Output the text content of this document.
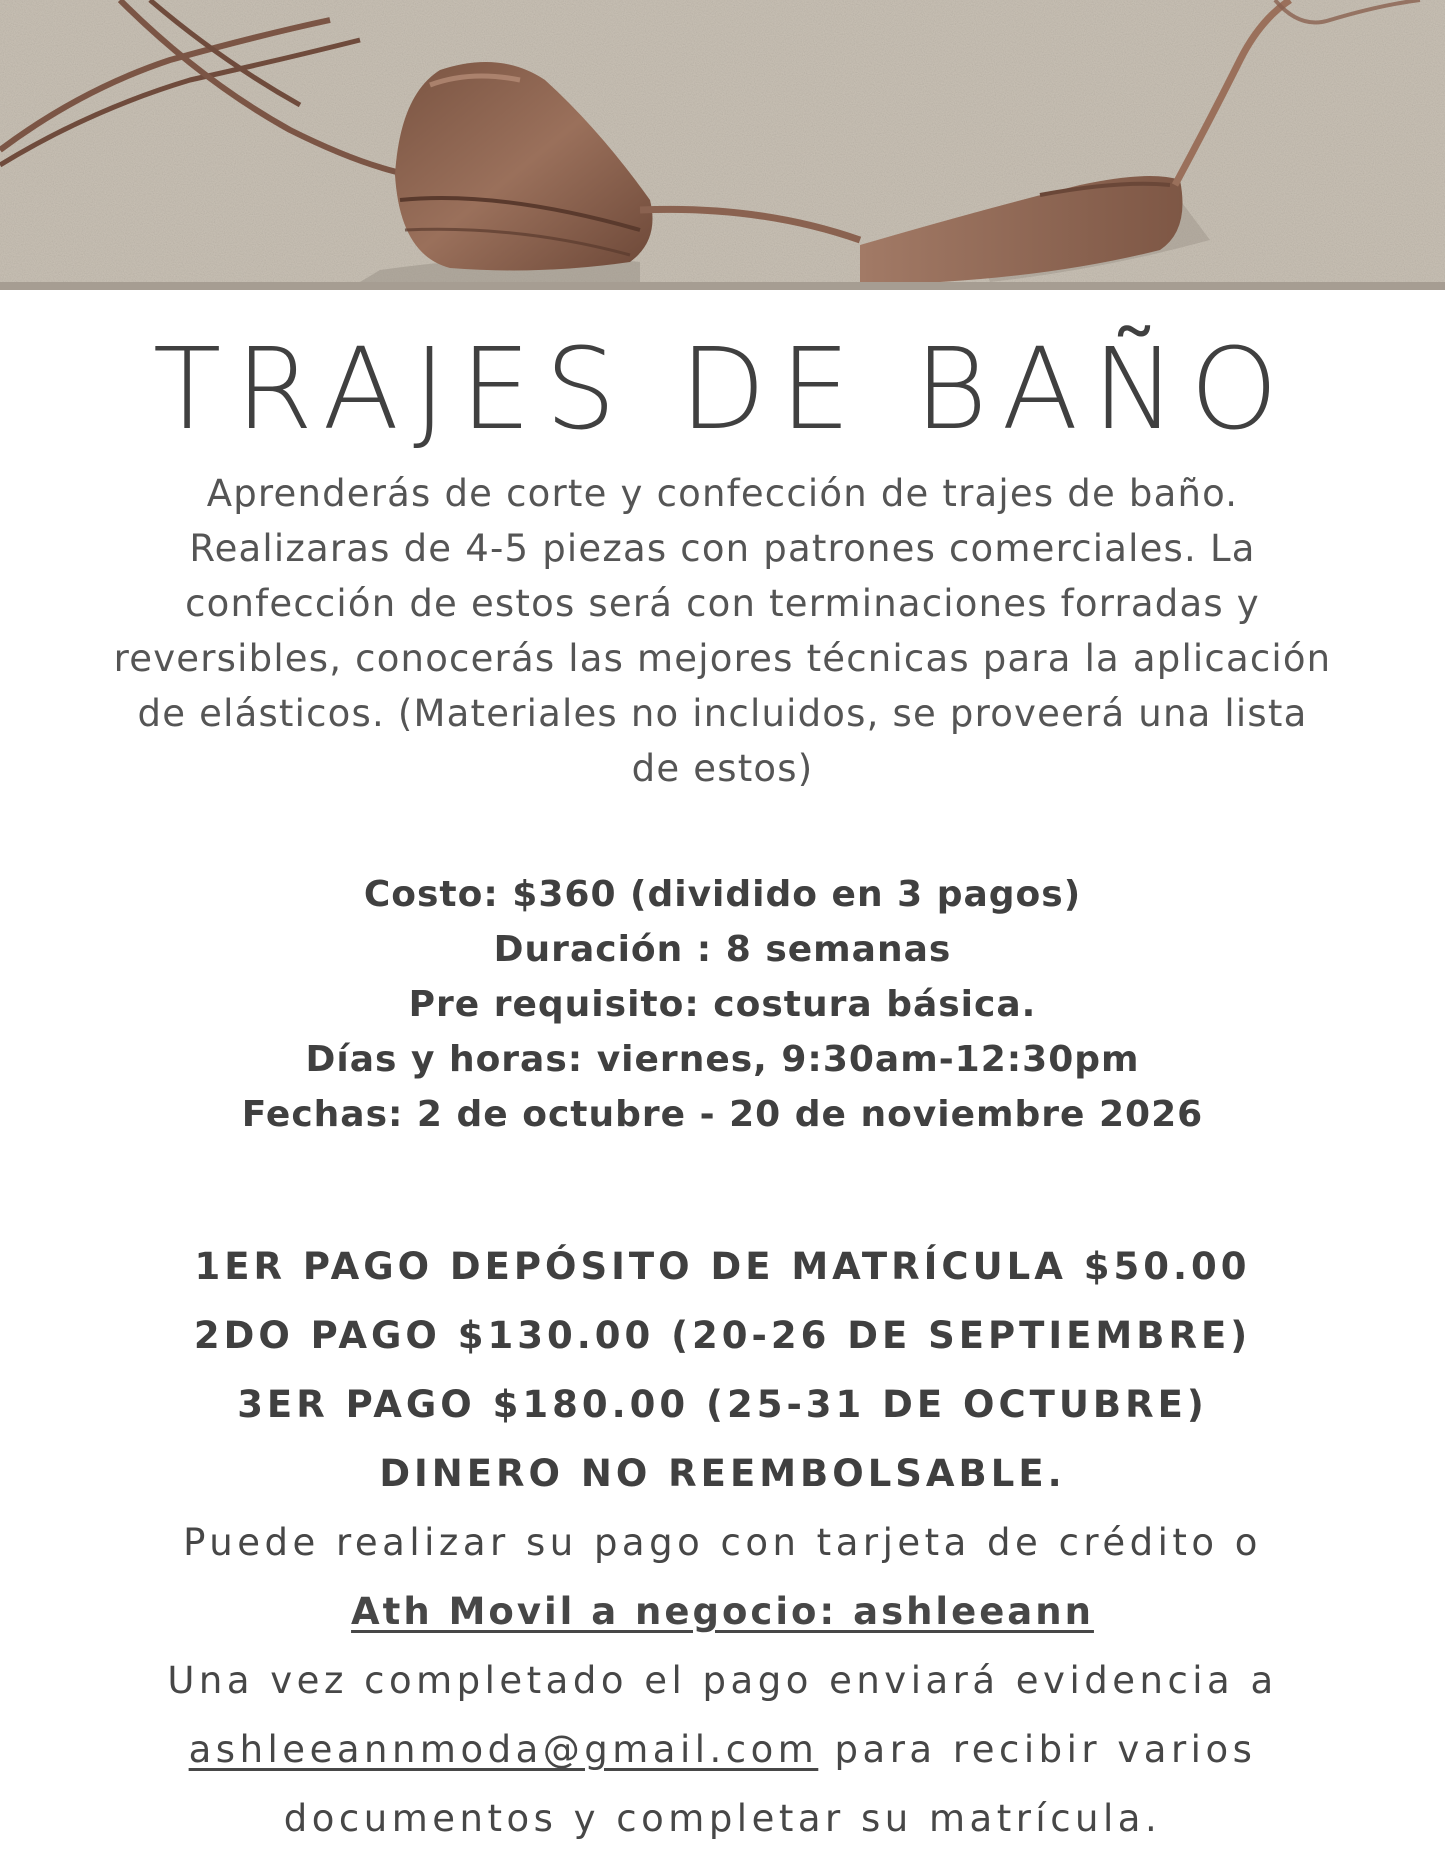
TRAJES DE BAÑO

Aprenderás de corte y confección de trajes de baño. Realizaras de 4-5 piezas con patrones comerciales. La confección de estos será con terminaciones forradas y reversibles, conocerás las mejores técnicas para la aplicación de elásticos. (Materiales no incluidos, se proveerá una lista de estos)

Costo: $360 (dividido en 3 pagos)
Duración : 8 semanas
Pre requisito: costura básica.
Días y horas: viernes, 9:30am-12:30pm
Fechas: 2 de octubre - 20 de noviembre 2026
1ER PAGO DEPÓSITO DE MATRÍCULA $50.00
2DO PAGO $130.00 (20-26 DE SEPTIEMBRE)
3ER PAGO $180.00 (25-31 DE OCTUBRE)
DINERO NO REEMBOLSABLE.
Puede realizar su pago con tarjeta de crédito o
Ath Movil a negocio: ashleeann
Una vez completado el pago enviará evidencia a
ashleeannmoda@gmail.com para recibir varios
documentos y completar su matrícula.
